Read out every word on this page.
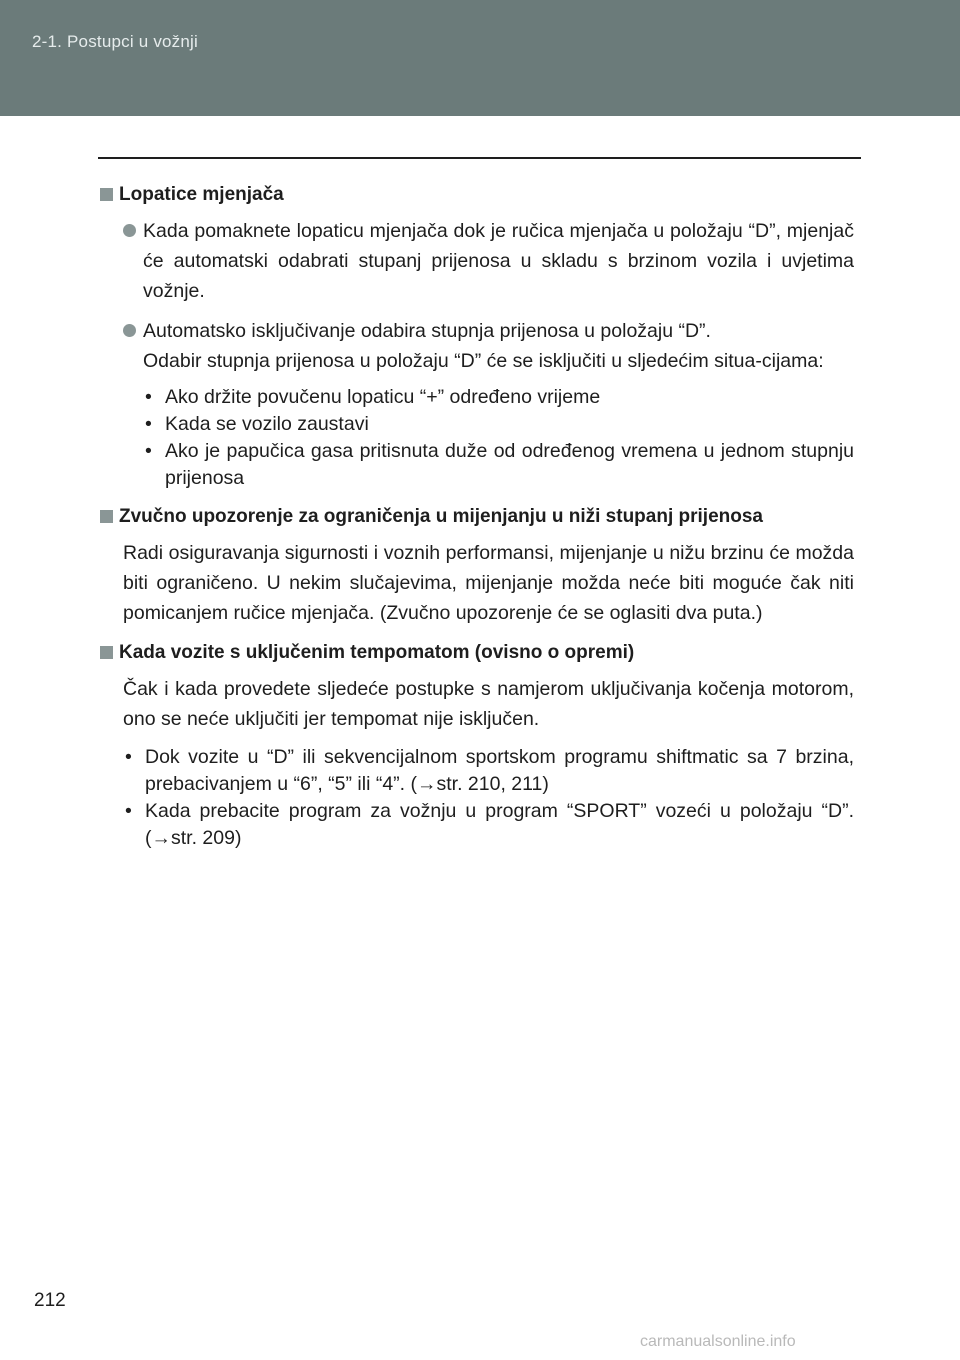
2-1. Postupci u vožnji
Lopatice mjenjača

Kada pomaknete lopaticu mjenjača dok je ručica mjenjača u položaju “D”, mjenjač će automatski odabrati stupanj prijenosa u skladu s brzinom vozila i uvjetima vožnje.

Automatsko isključivanje odabira stupnja prijenosa u položaju “D”.

Odabir stupnja prijenosa u položaju “D” će se isključiti u sljedećim situa-cijama:

• Ako držite povučenu lopaticu “+” određeno vrijeme
• Kada se vozilo zaustavi
• Ako je papučica gasa pritisnuta duže od određenog vremena u jednom stupnju prijenosa
Zvučno upozorenje za ograničenja u mijenjanju u niži stupanj prijenosa
Radi osiguravanja sigurnosti i voznih performansi, mijenjanje u nižu brzinu će možda biti ograničeno. U nekim slučajevima, mijenjanje možda neće biti moguće čak niti pomicanjem ručice mjenjača. (Zvučno upozorenje će se oglasiti dva puta.)
Kada vozite s uključenim tempomatom (ovisno o opremi)
Čak i kada provedete sljedeće postupke s namjerom uključivanja kočenja motorom, ono se neće uključiti jer tempomat nije isključen.
• Dok vozite u “D” ili sekvencijalnom sportskom programu shiftmatic sa 7 brzina, prebacivanjem u “6”, “5” ili “4”. (→str. 210, 211)
• Kada prebacite program za vožnju u program “SPORT” vozeći u položaju “D”. (→str. 209)
212
carmanualsonline.info
